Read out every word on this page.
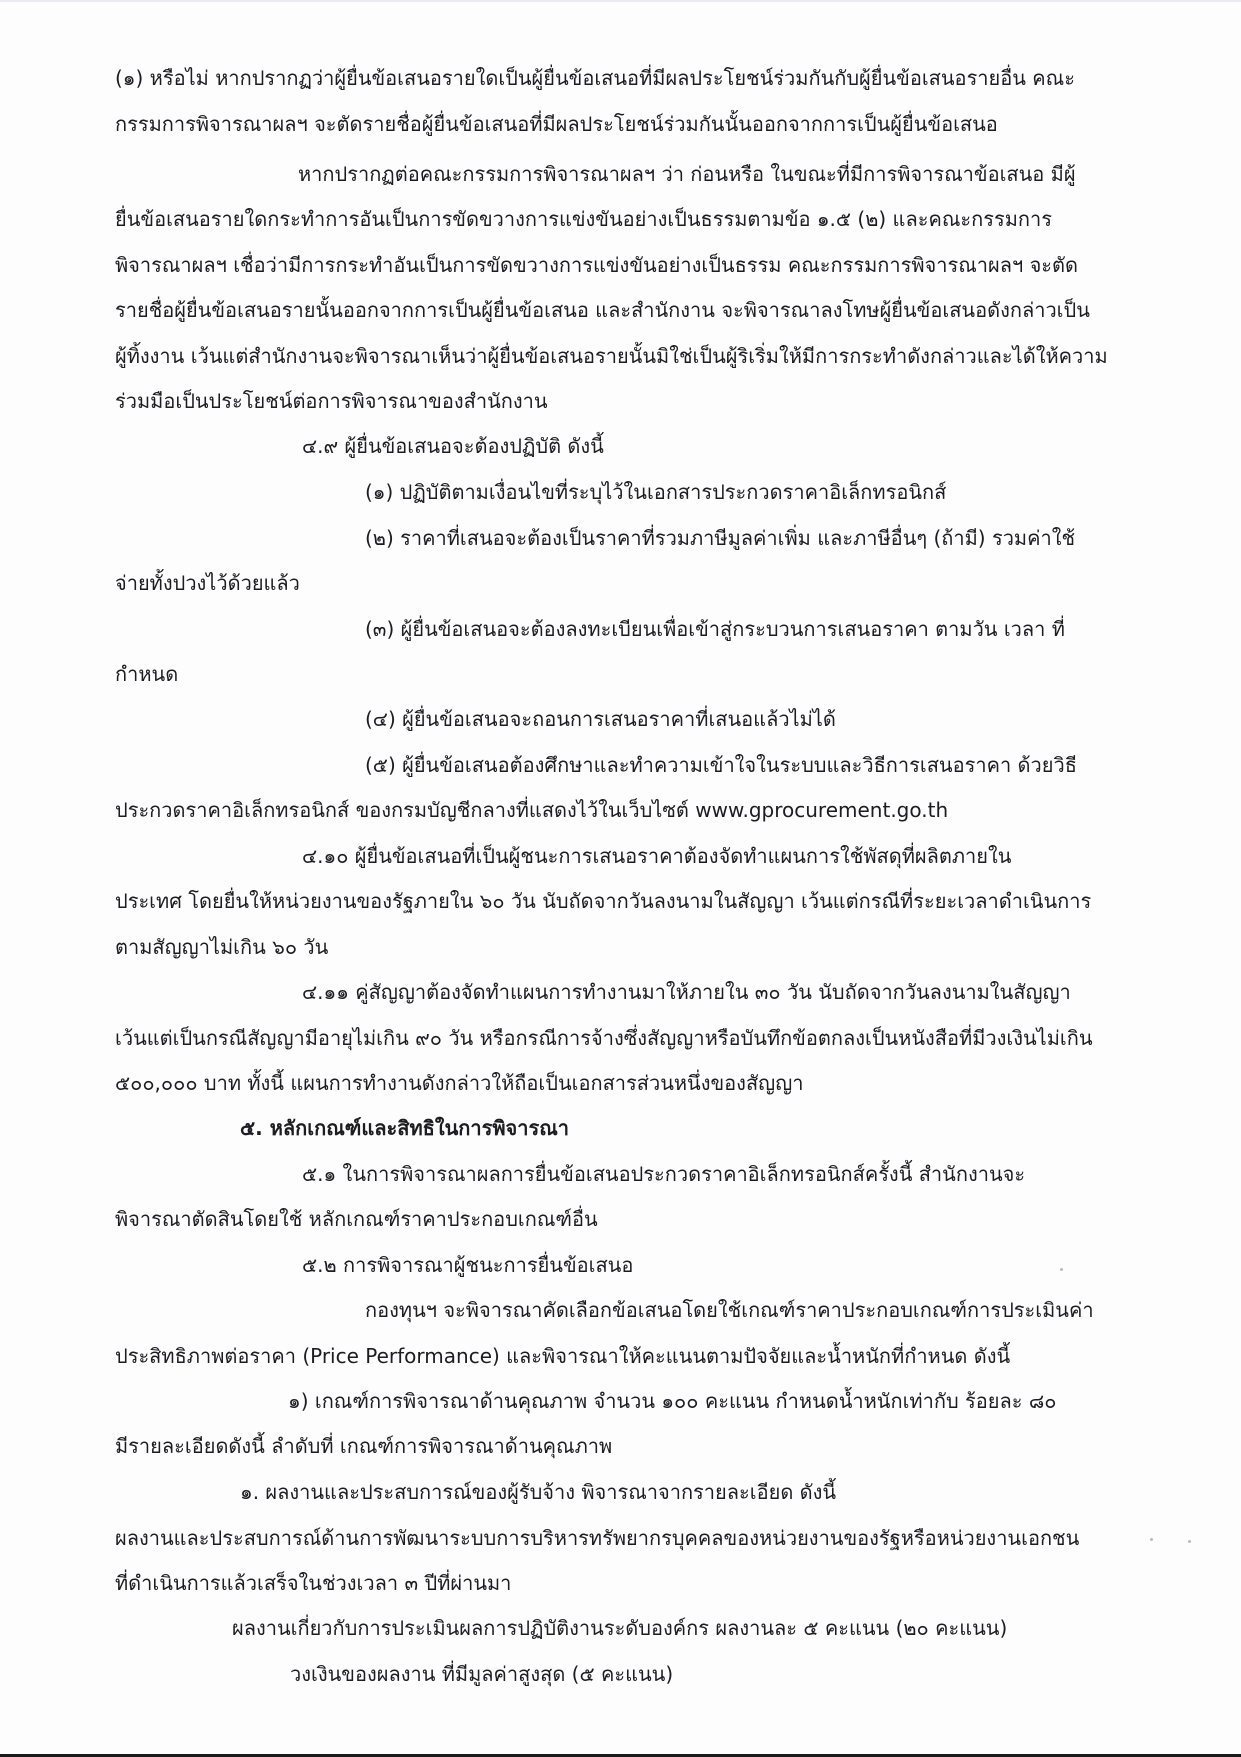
(๑) หรือไม่ หากปรากฏว่าผู้ยื่นข้อเสนอรายใดเป็นผู้ยื่นข้อเสนอที่มีผลประโยชน์ร่วมกันกับผู้ยื่นข้อเสนอรายอื่น คณะ

กรรมการพิจารณาผลฯ จะตัดรายชื่อผู้ยื่นข้อเสนอที่มีผลประโยชน์ร่วมกันนั้นออกจากการเป็นผู้ยื่นข้อเสนอ

หากปรากฏต่อคณะกรรมการพิจารณาผลฯ ว่า ก่อนหรือ ในขณะที่มีการพิจารณาข้อเสนอ มีผู้

ยื่นข้อเสนอรายใดกระทำการอันเป็นการขัดขวางการแข่งขันอย่างเป็นธรรมตามข้อ ๑.๕ (๒) และคณะกรรมการ

พิจารณาผลฯ เชื่อว่ามีการกระทำอันเป็นการขัดขวางการแข่งขันอย่างเป็นธรรม คณะกรรมการพิจารณาผลฯ จะตัด

รายชื่อผู้ยื่นข้อเสนอรายนั้นออกจากการเป็นผู้ยื่นข้อเสนอ และสำนักงาน จะพิจารณาลงโทษผู้ยื่นข้อเสนอดังกล่าวเป็น

ผู้ทิ้งงาน เว้นแต่สำนักงานจะพิจารณาเห็นว่าผู้ยื่นข้อเสนอรายนั้นมิใช่เป็นผู้ริเริ่มให้มีการกระทำดังกล่าวและได้ให้ความ

ร่วมมือเป็นประโยชน์ต่อการพิจารณาของสำนักงาน

๔.๙ ผู้ยื่นข้อเสนอจะต้องปฏิบัติ ดังนี้

(๑) ปฏิบัติตามเงื่อนไขที่ระบุไว้ในเอกสารประกวดราคาอิเล็กทรอนิกส์

(๒) ราคาที่เสนอจะต้องเป็นราคาที่รวมภาษีมูลค่าเพิ่ม และภาษีอื่นๆ (ถ้ามี) รวมค่าใช้

จ่ายทั้งปวงไว้ด้วยแล้ว

(๓) ผู้ยื่นข้อเสนอจะต้องลงทะเบียนเพื่อเข้าสู่กระบวนการเสนอราคา ตามวัน เวลา ที่

กำหนด

(๔) ผู้ยื่นข้อเสนอจะถอนการเสนอราคาที่เสนอแล้วไม่ได้

(๕) ผู้ยื่นข้อเสนอต้องศึกษาและทำความเข้าใจในระบบและวิธีการเสนอราคา ด้วยวิธี

ประกวดราคาอิเล็กทรอนิกส์ ของกรมบัญชีกลางที่แสดงไว้ในเว็บไซต์ www.gprocurement.go.th

๔.๑๐ ผู้ยื่นข้อเสนอที่เป็นผู้ชนะการเสนอราคาต้องจัดทำแผนการใช้พัสดุที่ผลิตภายใน

ประเทศ โดยยื่นให้หน่วยงานของรัฐภายใน ๖๐ วัน นับถัดจากวันลงนามในสัญญา เว้นแต่กรณีที่ระยะเวลาดำเนินการ

ตามสัญญาไม่เกิน ๖๐ วัน

๔.๑๑ คู่สัญญาต้องจัดทำแผนการทำงานมาให้ภายใน ๓๐ วัน นับถัดจากวันลงนามในสัญญา

เว้นแต่เป็นกรณีสัญญามีอายุไม่เกิน ๙๐ วัน หรือกรณีการจ้างซึ่งสัญญาหรือบันทึกข้อตกลงเป็นหนังสือที่มีวงเงินไม่เกิน

๕๐๐,๐๐๐ บาท ทั้งนี้ แผนการทำงานดังกล่าวให้ถือเป็นเอกสารส่วนหนึ่งของสัญญา

๕. หลักเกณฑ์และสิทธิในการพิจารณา

๕.๑ ในการพิจารณาผลการยื่นข้อเสนอประกวดราคาอิเล็กทรอนิกส์ครั้งนี้ สำนักงานจะ

พิจารณาตัดสินโดยใช้ หลักเกณฑ์ราคาประกอบเกณฑ์อื่น

๕.๒ การพิจารณาผู้ชนะการยื่นข้อเสนอ

กองทุนฯ จะพิจารณาคัดเลือกข้อเสนอโดยใช้เกณฑ์ราคาประกอบเกณฑ์การประเมินค่า

ประสิทธิภาพต่อราคา (Price Performance) และพิจารณาให้คะแนนตามปัจจัยและน้ำหนักที่กำหนด ดังนี้

๑) เกณฑ์การพิจารณาด้านคุณภาพ จำนวน ๑๐๐ คะแนน กำหนดน้ำหนักเท่ากับ ร้อยละ ๘๐

มีรายละเอียดดังนี้ ลำดับที่ เกณฑ์การพิจารณาด้านคุณภาพ

๑. ผลงานและประสบการณ์ของผู้รับจ้าง พิจารณาจากรายละเอียด ดังนี้

ผลงานและประสบการณ์ด้านการพัฒนาระบบการบริหารทรัพยากรบุคคลของหน่วยงานของรัฐหรือหน่วยงานเอกชน

ที่ดำเนินการแล้วเสร็จในช่วงเวลา ๓ ปีที่ผ่านมา

ผลงานเกี่ยวกับการประเมินผลการปฏิบัติงานระดับองค์กร ผลงานละ ๕ คะแนน (๒๐ คะแนน)

วงเงินของผลงาน ที่มีมูลค่าสูงสุด (๕ คะแนน)
